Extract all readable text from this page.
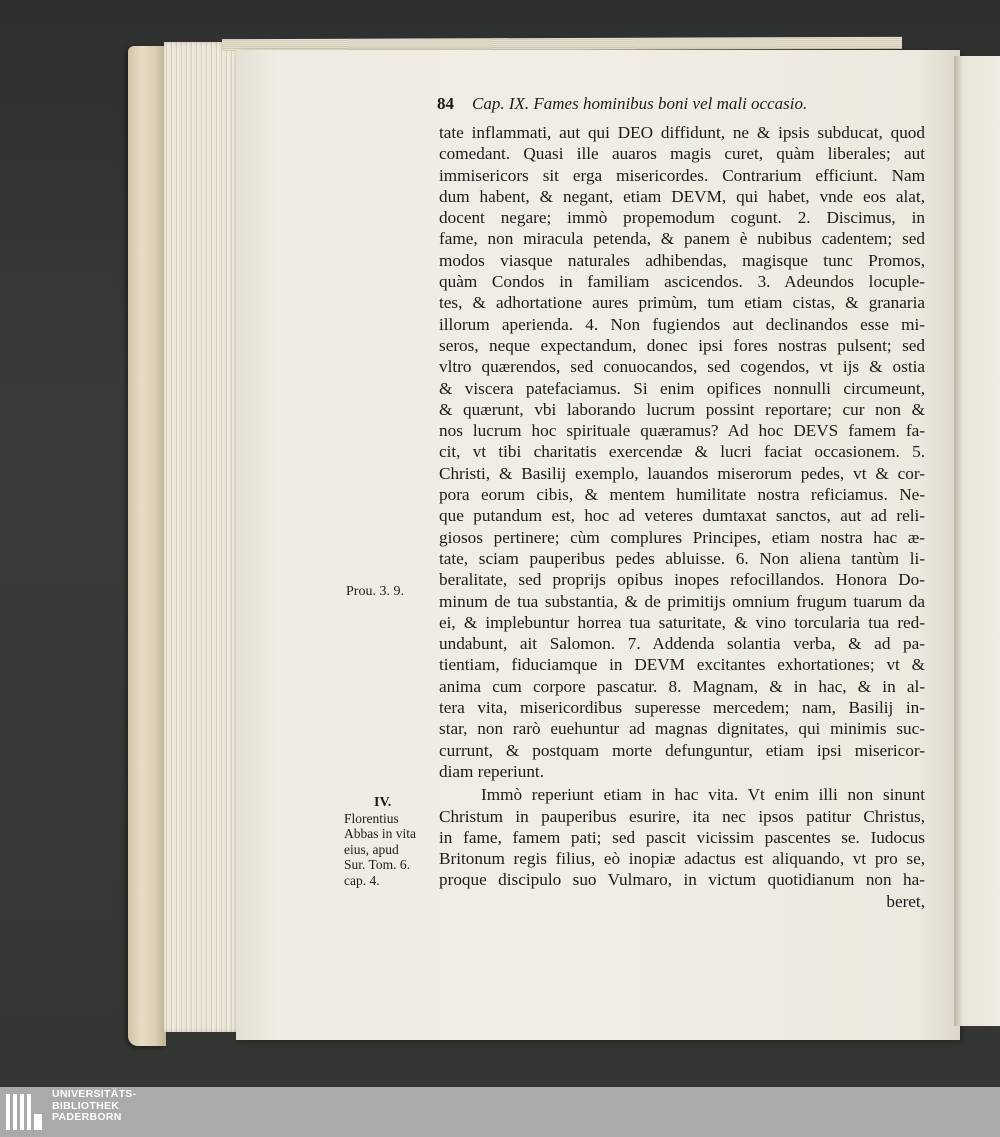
84 Cap. IX. Fames hominibus boni vel mali occasio.
tate inflammati, aut qui DEO diffidunt, ne & ipsis subducat, quod
comedant. Quasi ille auaros magis curet, quàm liberales; aut
immisericors sit erga misericordes. Contrarium efficiunt. Nam
dum habent, & negant, etiam DEVM, qui habet, vnde eos alat,
docent negare; immò propemodum cogunt. 2. Discimus, in
fame, non miracula petenda, & panem è nubibus cadentem; sed
modos viasque naturales adhibendas, magisque tunc Promos,
quàm Condos in familiam ascicendos. 3. Adeundos locuple-
tes, & adhortatione aures primùm, tum etiam cistas, & granaria
illorum aperienda. 4. Non fugiendos aut declinandos esse mi-
seros, neque expectandum, donec ipsi fores nostras pulsent; sed
vltro quærendos, sed conuocandos, sed cogendos, vt ijs & ostia
& viscera patefaciamus. Si enim opifices nonnulli circumeunt,
& quærunt, vbi laborando lucrum possint reportare; cur non &
nos lucrum hoc spirituale quæramus? Ad hoc DEVS famem fa-
cit, vt tibi charitatis exercendæ & lucri faciat occasionem. 5.
Christi, & Basilij exemplo, lauandos miserorum pedes, vt & cor-
pora eorum cibis, & mentem humilitate nostra reficiamus. Ne-
que putandum est, hoc ad veteres dumtaxat sanctos, aut ad reli-
giosos pertinere; cùm complures Principes, etiam nostra hac æ-
tate, sciam pauperibus pedes abluisse. 6. Non aliena tantùm li-
beralitate, sed proprijs opibus inopes refocillandos. Honora Do-
minum de tua substantia, & de primitijs omnium frugum tuarum da
ei, & implebuntur horrea tua saturitate, & vino torcularia tua red-
undabunt, ait Salomon. 7. Addenda solantia verba, & ad pa-
tientiam, fiduciamque in DEVM excitantes exhortationes; vt &
anima cum corpore pascatur. 8. Magnam, & in hac, & in al-
tera vita, misericordibus superesse mercedem; nam, Basilij in-
star, non rarò euehuntur ad magnas dignitates, qui minimis suc-
currunt, & postquam morte defunguntur, etiam ipsi misericor-
diam reperiunt.
Immò reperiunt etiam in hac vita. Vt enim illi non sinunt
Christum in pauperibus esurire, ita nec ipsos patitur Christus,
in fame, famem pati; sed pascit vicissim pascentes se. Iudocus
Britonum regis filius, eò inopiæ adactus est aliquando, vt pro se,
proque discipulo suo Vulmaro, in victum quotidianum non ha-
beret,
Prou. 3. 9.
IV.
Florentius
Abbas in vita
eius, apud
Sur. Tom. 6.
cap. 4.
UNIVERSITÄTS-
BIBLIOTHEK
PADERBORN
